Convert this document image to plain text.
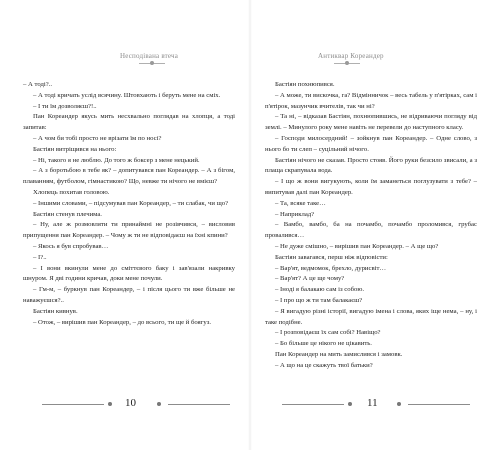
Несподівана втеча

– А тоді?..

– А тоді кричать услід всячину. Штовхають і беруть мене на сміх.

– І ти їм дозволяєш?!..

Пан Кореандер якусь мить несхвально поглядав на хлопця, а тоді запитав:

– А чом би тобі просто не врізати їм по носі?

Бастіян витріщився на нього:

– Ні, такого я не люблю. До того ж боксер з мене нецький.

– А з боротьбою в тебе як? – допитувався пан Кореандер. – А з бігом, плаванням, футболом, гімнастикою? Що, невже ти нічого не вмієш?

Хлопець похитав головою.

– Іншими словами, – підсумував пан Кореандер, – ти слабак, чи що?

Бастіян стенув плечима.

– Ну, але ж розмовляти ти принаймні не розівчився, – висловив припущення пан Кореандер. – Чому ж ти не відповідаєш на їхні кпини?

– Якось я був спробував…

– І?..

– І вони вкинули мене до сміттєвого баку і зав'язали накривку шнуром. Я дві години кричав, доки мене почули.

– Гм-м, – буркнув пан Кореандер, – і після цього ти вже більше не наважуєшся?..

Бастіян кивнув.

– Отож, – вирішив пан Кореандер, – до всього, ти ще й боягуз.

10
Антиквар Кореандер

Бастіян похнюпився.

– А може, ти вискочка, га? Відмінничок – весь табель у п'ятірках, сам і п'ятірок, мазунчик вчителів, так чи ні?

– Та ні, – відказав Бастіян, похнюпившись, не відриваючи погляду від землі. – Минулого року мене навіть не перевели до наступного класу.

– Господи милосердний! – зойкнув пан Кореандер. – Одне слово, з нього бо ти слеп – суцільний нічого.

Бастіян нічого не сказав. Просто стояв. Його руки безсило звисали, а з плаща скрапувала вода.

– І що ж вони вигукують, коли їм заманеться поглузувати з тебе? – випитував далі пан Кореандер.

– Та, всяке таке…

– Наприклад?

– Вамбо, вамбо, ба на почамбо, почамбо проломився, грубас провалився…

– Не дуже смішно, – вирішив пан Кореандер. – А ще що?

Бастіян завагався, перш ніж відповісти:

– Вар'ят, ведмомок, брехло, дурисвіт…

– Вар'ят? А це ще чому?

– Іноді я балакаю сам із собою.

– І про що ж ти там балакаєш?

– Я вигадую різні історії, вигадую імена і слова, яких іще нема, – ну, і таке подібне.

– І розповідаєш їх сам собі? Навіщо?

– Бо більше це нікого не цікавить.

Пан Кореандер на мить замислився і замовк.

– А що на це скажуть твої батьки?

11
